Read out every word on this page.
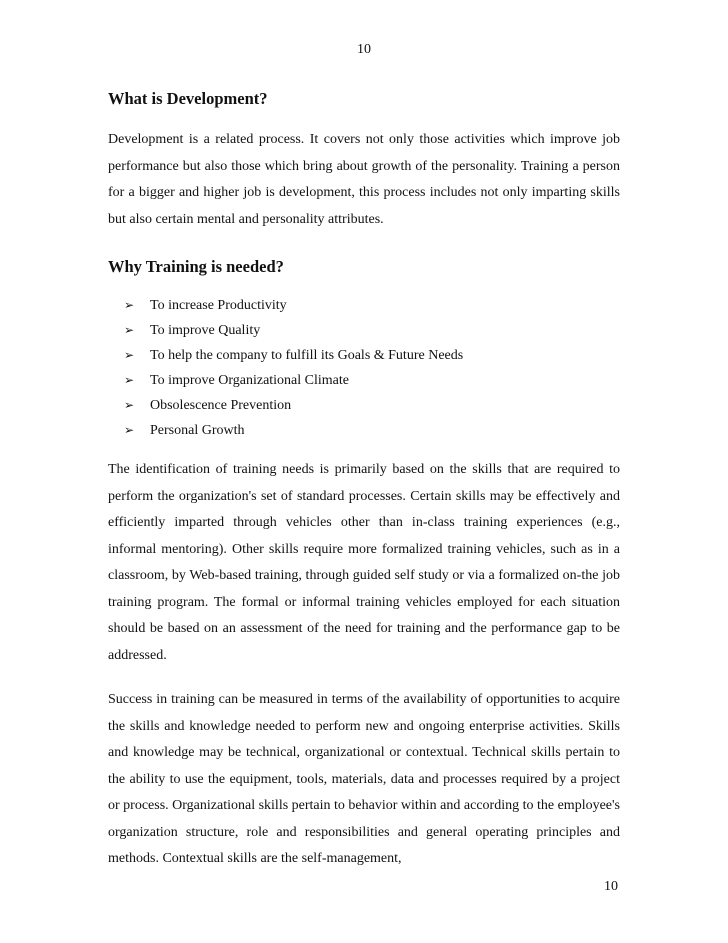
10
What is Development?

Development is a related process. It covers not only those activities which improve job performance but also those which bring about growth of the personality. Training a person for a bigger and higher job is development, this process includes not only imparting skills but also certain mental and personality attributes.

Why Training is needed?
➢	To increase Productivity
➢	To improve Quality
➢	To help the company to fulfill its Goals & Future Needs
➢	To improve Organizational Climate
➢	Obsolescence Prevention
➢	Personal Growth

The identification of training needs is primarily based on the skills that are required to perform the organization's set of standard processes. Certain skills may be effectively and efficiently imparted through vehicles other than in-class training experiences (e.g., informal mentoring). Other skills require more formalized training vehicles, such as in a classroom, by Web-based training, through guided self study or via a formalized on-the job training program. The formal or informal training vehicles employed for each situation should be based on an assessment of the need for training and the performance gap to be addressed.

Success in training can be measured in terms of the availability of opportunities to acquire the skills and knowledge needed to perform new and ongoing enterprise activities. Skills and knowledge may be technical, organizational or contextual. Technical skills pertain to the ability to use the equipment, tools, materials, data and processes required by a project or process. Organizational skills pertain to behavior within and according to the employee's organization structure, role and responsibilities and general operating principles and methods. Contextual skills are the self-management,

10
